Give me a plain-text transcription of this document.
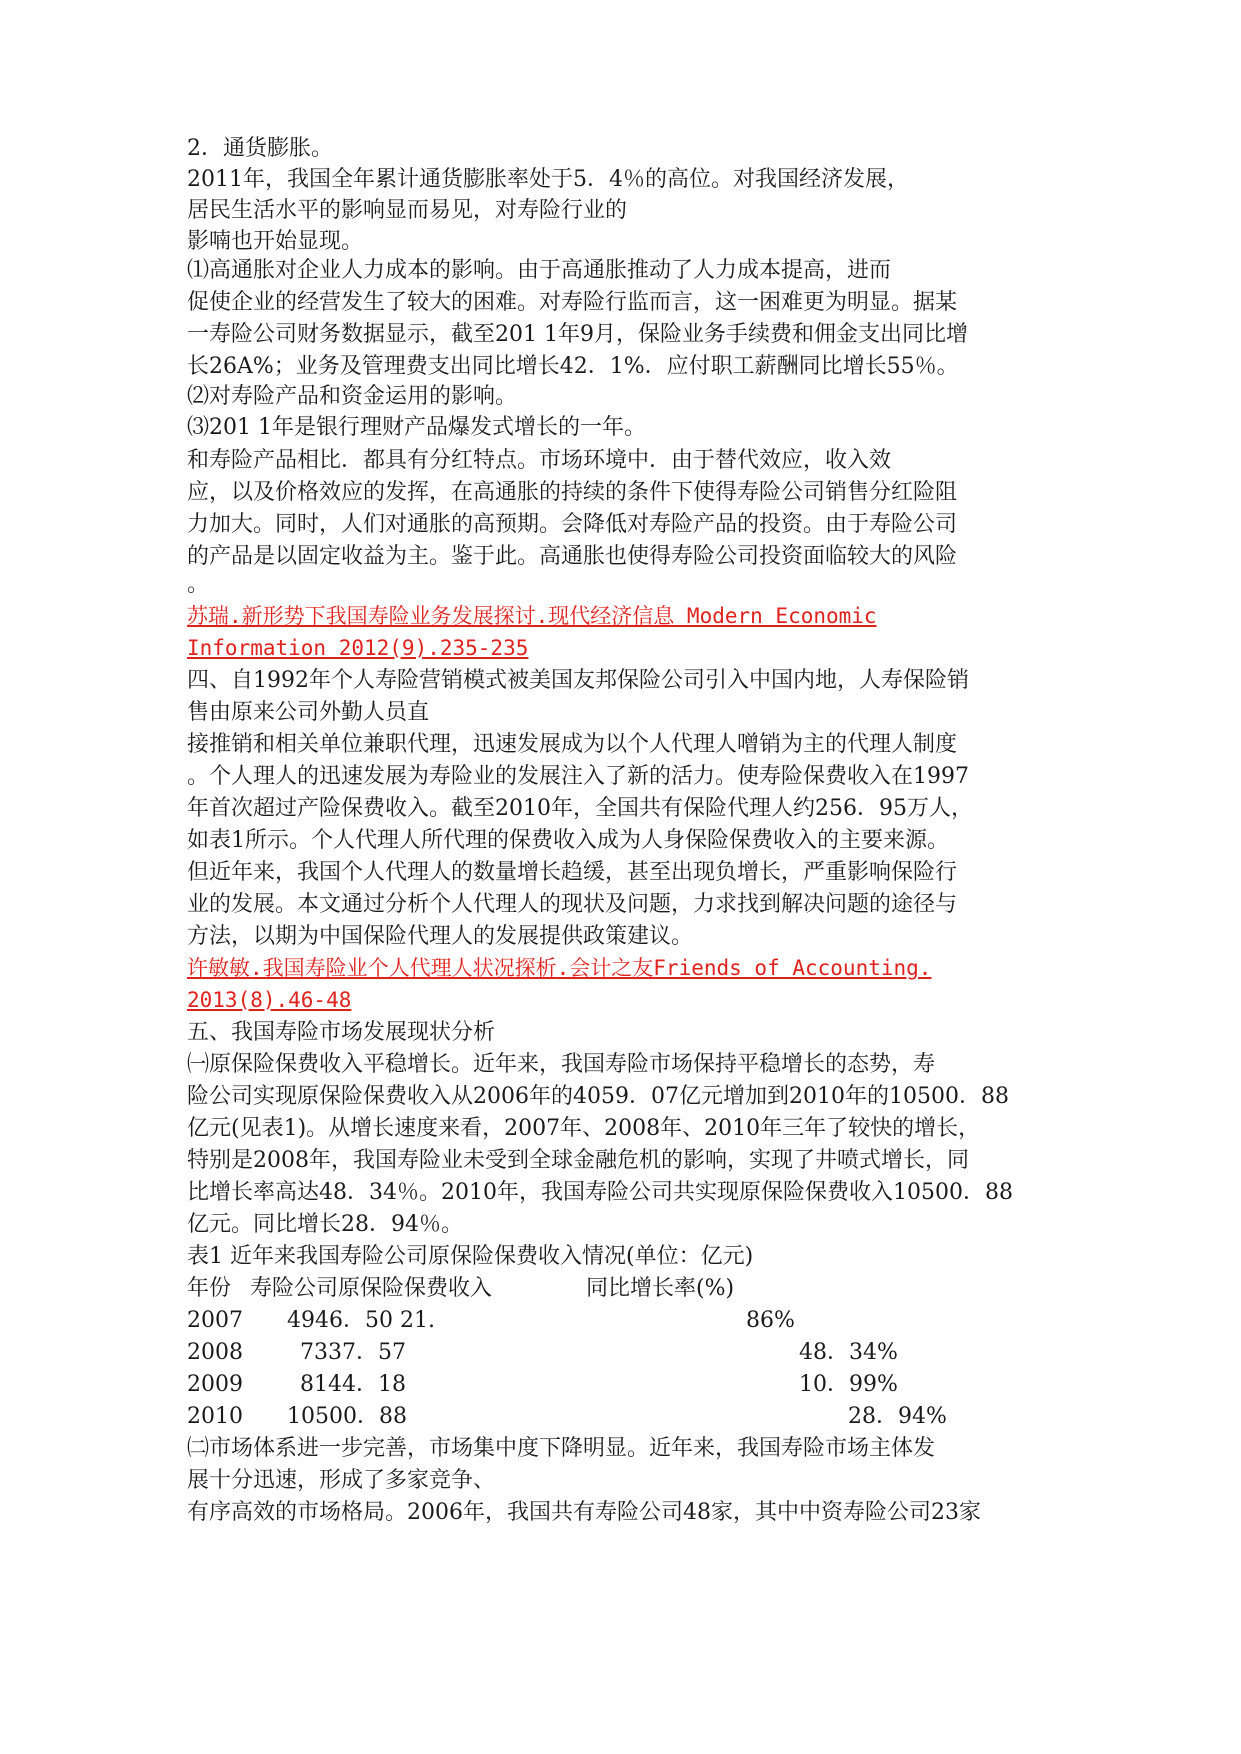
2．通货膨胀。
2011年，我国全年累计通货膨胀率处于5．4％的高位。对我国经济发展，
居民生活水平的影响显而易见，对寿险行业的
影喃也开始显现。
⑴高通胀对企业人力成本的影响。由于高通胀推动了人力成本提高，进而
促使企业的经营发生了较大的困难。对寿险行监而言，这一困难更为明显。据某
一寿险公司财务数据显示，截至201 1年9月，保险业务手续费和佣金支出同比增
长26A%；业务及管理费支出同比增长42．1%．应付职工薪酬同比增长55％。
⑵对寿险产品和资金运用的影响。
⑶201 1年是银行理财产品爆发式增长的一年。
和寿险产品相比．都具有分红特点。市场环境中．由于替代效应，收入效
应，以及价格效应的发挥，在高通胀的持续的条件下使得寿险公司销售分红险阻
力加大。同时，人们对通胀的高预期。会降低对寿险产品的投资。由于寿险公司
的产品是以固定收益为主。鉴于此。高通胀也使得寿险公司投资面临较大的风险
。
苏瑞.新形势下我国寿险业务发展探讨.现代经济信息 Modern Economic
Information 2012(9).235-235
四、自1992年个人寿险营销模式被美国友邦保险公司引入中国内地，人寿保险销
售由原来公司外勤人员直
接推销和相关单位兼职代理，迅速发展成为以个人代理人噌销为主的代理人制度
。个人理人的迅速发展为寿险业的发展注入了新的活力。使寿险保费收入在1997
年首次超过产险保费收入。截至2010年，全国共有保险代理人约256．95万人，
如表1所示。个人代理人所代理的保费收入成为人身保险保费收入的主要来源。
但近年来，我国个人代理人的数量增长趋缓，甚至出现负增长，严重影响保险行
业的发展。本文通过分析个人代理人的现状及问题，力求找到解决问题的途径与
方法，以期为中国保险代理人的发展提供政策建议。
许敏敏.我国寿险业个人代理人状况探析.会计之友Friends of Accounting.
2013(8).46-48
五、我国寿险市场发展现状分析
㈠原保险保费收入平稳增长。近年来，我国寿险市场保持平稳增长的态势，寿
险公司实现原保险保费收入从2006年的4059．07亿元增加到2010年的10500．88
亿元(见表1)。从增长速度来看，2007年、2008年、2010年三年了较快的增长，
特别是2008年，我国寿险业未受到全球金融危机的影响，实现了井喷式增长，同
比增长率高达48．34％。2010年，我国寿险公司共实现原保险保费收入10500．88
亿元。同比增长28．94％。
表1 近年来我国寿险公司原保险保费收入情况(单位：亿元)
年份 寿险公司原保险保费收入	同比增长率(%)
2007 4946．50 21.	86%
2008	7337．57	48．34%
2009	8144．18	10．99%
2010 10500．88	28．94%
㈡市场体系进一步完善，市场集中度下降明显。近年来，我国寿险市场主体发
展十分迅速，形成了多家竞争、
有序高效的市场格局。2006年，我国共有寿险公司48家，其中中资寿险公司23家
